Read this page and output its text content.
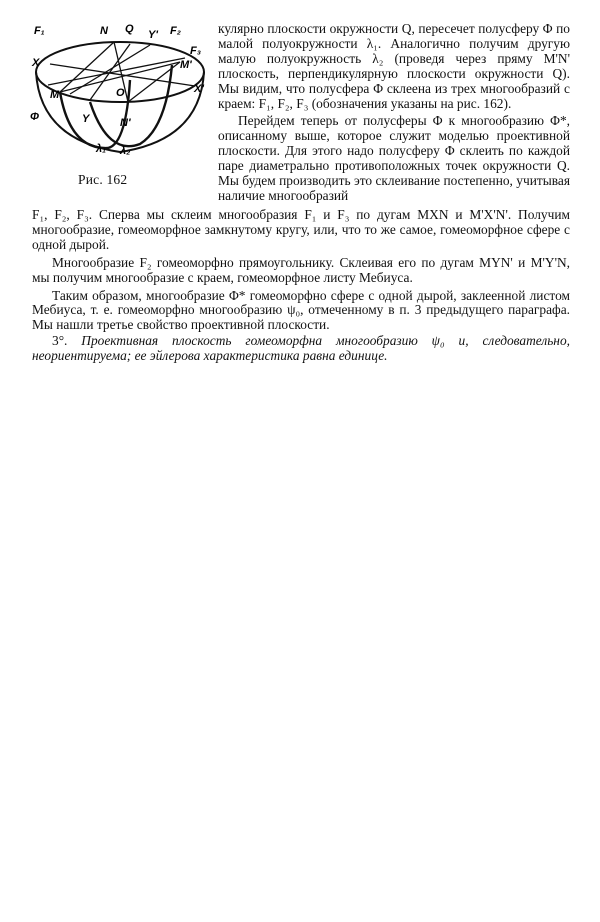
F₁	N Q Y' F₂
F₃
X	M'
X'
M	O
Φ	Y	N'
λ₁ λ₂
Рис. 162

кулярно плоскости окружности Q, пересечет полусферу Φ по малой полуокружности λ₁. Аналогично получим другую малую полуокружность λ₂ (проведя через пряму M'N' плоскость, перпендикулярную плоскости окружности Q). Мы видим, что полусфера Φ склеена из трех многообразий с краем: F₁, F₂, F₃ (обозначения указаны на рис. 162).

Перейдем теперь от полусферы Φ к многообразию Φ*, описанному выше, которое служит моделью проективной плоскости. Для этого надо полусферу Φ склеить по каждой паре диаметрально противоположных точек окружности Q. Мы будем производить это склеивание постепенно, учитывая наличие многообразий

F₁, F₂, F₃. Сперва мы склеим многообразия F₁ и F₃ по дугам MXN и M'X'N'. Получим многообразие, гомеоморфное замкнутому кругу, или, что то же самое, гомеоморфное сфере с одной дырой.

Многообразие F₂ гомеоморфно прямоугольнику. Склеивая его по дугам MYN' и M'Y'N, мы получим многообразие с краем, гомеоморфное листу Мебиуса.

Таким образом, многообразие Φ* гомеоморфно сфере с одной дырой, заклеенной листом Мебиуса, т. е. гомеоморфно многообразию ψ₀, отмеченному в п. 3 предыдущего параграфа. Мы нашли третье свойство проективной плоскости.

3°. Проективная плоскость гомеоморфна многообразию ψ₀ и, следовательно, неориентируема; ее эйлерова характеристика равна единице.
